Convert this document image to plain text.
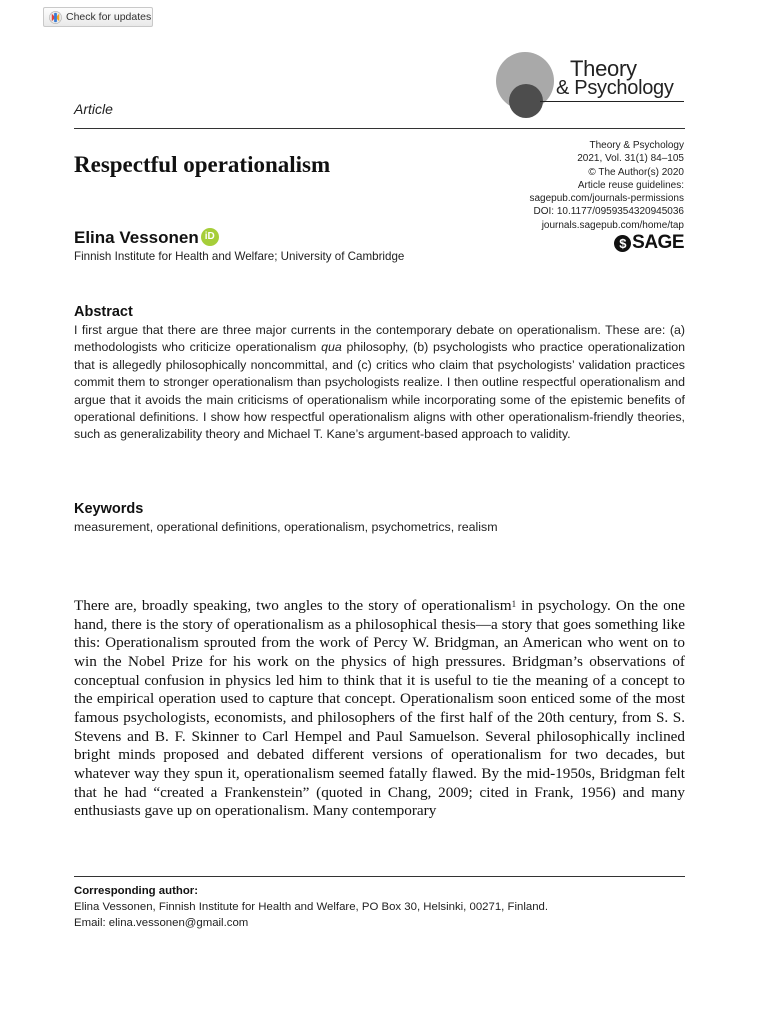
Check for updates
Theory
& Psychology
Article
Respectful operationalism
Theory & Psychology
2021, Vol. 31(1) 84–105
© The Author(s) 2020
Article reuse guidelines:
sagepub.com/journals-permissions
DOI: 10.1177/0959354320945036
journals.sagepub.com/home/tap
$ SAGE
Elina Vessonen iD
Finnish Institute for Health and Welfare; University of Cambridge
Abstract
I first argue that there are three major currents in the contemporary debate on operationalism. These are: (a) methodologists who criticize operationalism qua philosophy, (b) psychologists who practice operationalization that is allegedly philosophically noncommittal, and (c) critics who claim that psychologists’ validation practices commit them to stronger operationalism than psychologists realize. I then outline respectful operationalism and argue that it avoids the main criticisms of operationalism while incorporating some of the epistemic benefits of operational definitions. I show how respectful operationalism aligns with other operationalism-friendly theories, such as generalizability theory and Michael T. Kane’s argument-based approach to validity.
Keywords
measurement, operational definitions, operationalism, psychometrics, realism
There are, broadly speaking, two angles to the story of operationalism$^1$ in psychology. On the one hand, there is the story of operationalism as a philosophical thesis—a story that goes something like this: Operationalism sprouted from the work of Percy W. Bridgman, an American who went on to win the Nobel Prize for his work on the physics of high pressures. Bridgman’s observations of conceptual confusion in physics led him to think that it is useful to tie the meaning of a concept to the empirical operation used to capture that concept. Operationalism soon enticed some of the most famous psychologists, economists, and philosophers of the first half of the 20th century, from S. S. Stevens and B. F. Skinner to Carl Hempel and Paul Samuelson. Several philosophically inclined bright minds proposed and debated different versions of operationalism for two decades, but whatever way they spun it, operationalism seemed fatally flawed. By the mid-1950s, Bridgman felt that he had “created a Frankenstein” (quoted in Chang, 2009; cited in Frank, 1956) and many enthusiasts gave up on operationalism. Many contemporary
Corresponding author:
Elina Vessonen, Finnish Institute for Health and Welfare, PO Box 30, Helsinki, 00271, Finland.
Email: elina.vessonen@gmail.com
